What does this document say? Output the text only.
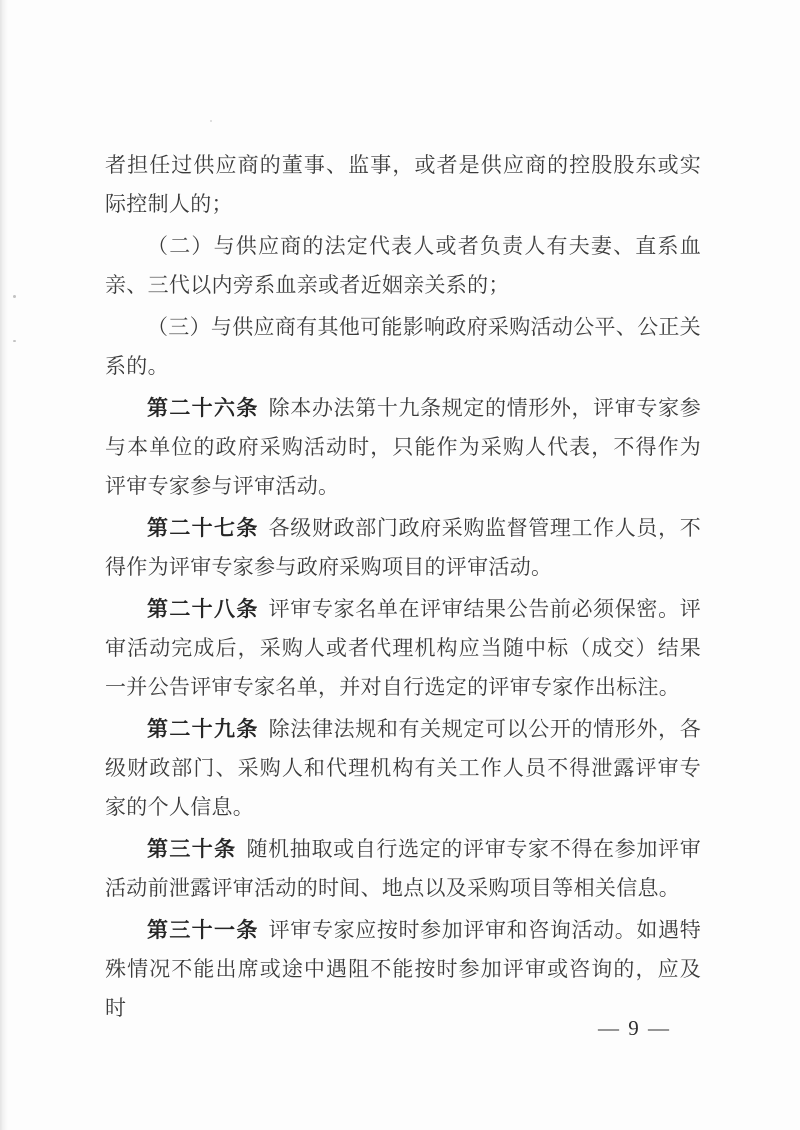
者担任过供应商的董事、监事，或者是供应商的控股股东或实际控制人的；

（二）与供应商的法定代表人或者负责人有夫妻、直系血亲、三代以内旁系血亲或者近姻亲关系的；

（三）与供应商有其他可能影响政府采购活动公平、公正关系的。

第二十六条 除本办法第十九条规定的情形外，评审专家参与本单位的政府采购活动时，只能作为采购人代表，不得作为评审专家参与评审活动。

第二十七条 各级财政部门政府采购监督管理工作人员，不得作为评审专家参与政府采购项目的评审活动。

第二十八条 评审专家名单在评审结果公告前必须保密。评审活动完成后，采购人或者代理机构应当随中标（成交）结果一并公告评审专家名单，并对自行选定的评审专家作出标注。

第二十九条 除法律法规和有关规定可以公开的情形外，各级财政部门、采购人和代理机构有关工作人员不得泄露评审专家的个人信息。

第三十条 随机抽取或自行选定的评审专家不得在参加评审活动前泄露评审活动的时间、地点以及采购项目等相关信息。

第三十一条 评审专家应按时参加评审和咨询活动。如遇特殊情况不能出席或途中遇阻不能按时参加评审或咨询的，应及时

— 9 —
